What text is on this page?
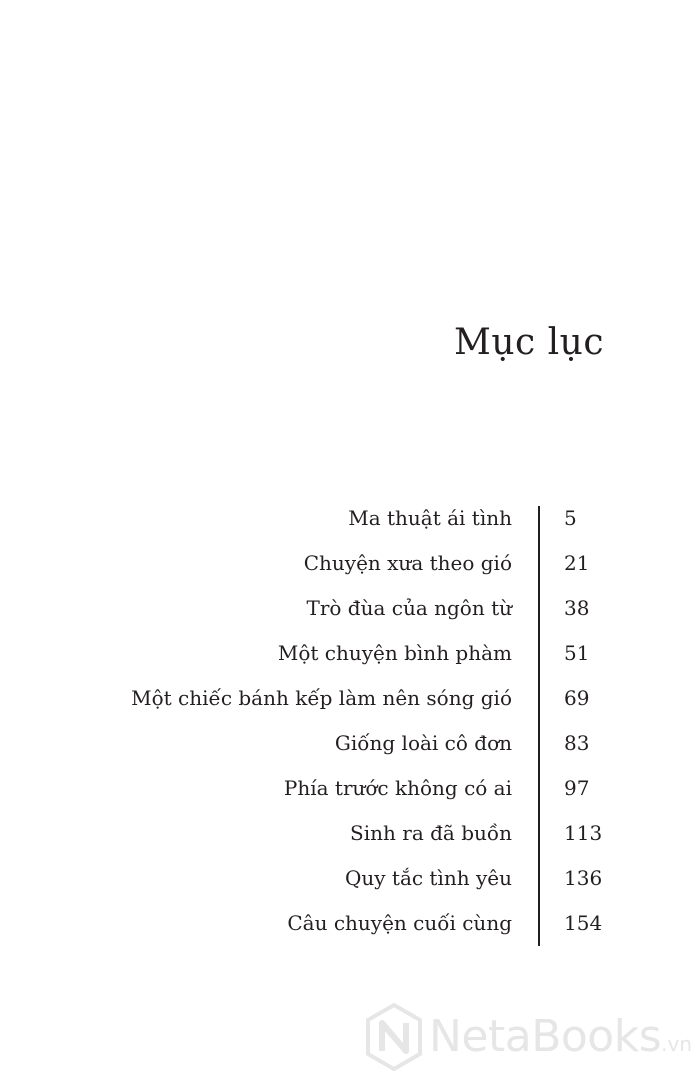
Mục lục
Ma thuật ái tình	5
Chuyện xưa theo gió	21
Trò đùa của ngôn từ	38
Một chuyện bình phàm	51
Một chiếc bánh kếp làm nên sóng gió	69
Giống loài cô đơn	83
Phía trước không có ai	97
Sinh ra đã buồn	113
Quy tắc tình yêu	136
Câu chuyện cuối cùng	154
NetaBooks.vn
